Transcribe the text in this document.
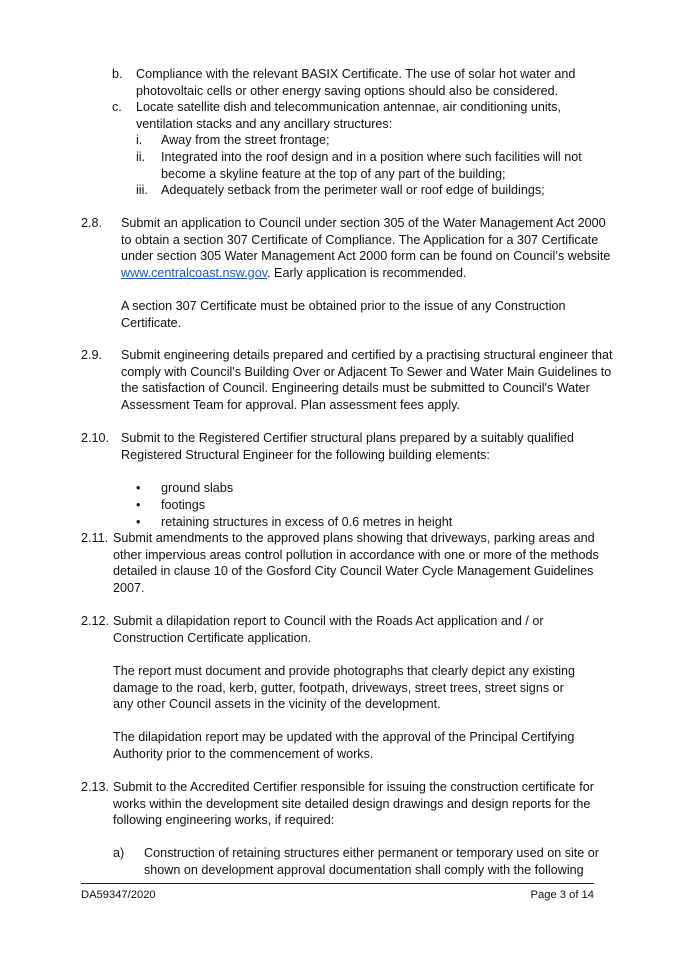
b. Compliance with the relevant BASIX Certificate. The use of solar hot water and photovoltaic cells or other energy saving options should also be considered.
c. Locate satellite dish and telecommunication antennae, air conditioning units, ventilation stacks and any ancillary structures:
i. Away from the street frontage;
ii. Integrated into the roof design and in a position where such facilities will not become a skyline feature at the top of any part of the building;
iii. Adequately setback from the perimeter wall or roof edge of buildings;
2.8. Submit an application to Council under section 305 of the Water Management Act 2000 to obtain a section 307 Certificate of Compliance. The Application for a 307 Certificate under section 305 Water Management Act 2000 form can be found on Council’s website www.centralcoast.nsw.gov. Early application is recommended.
A section 307 Certificate must be obtained prior to the issue of any Construction Certificate.
2.9. Submit engineering details prepared and certified by a practising structural engineer that comply with Council's Building Over or Adjacent To Sewer and Water Main Guidelines to the satisfaction of Council. Engineering details must be submitted to Council's Water Assessment Team for approval. Plan assessment fees apply.
2.10. Submit to the Registered Certifier structural plans prepared by a suitably qualified Registered Structural Engineer for the following building elements:
• ground slabs
• footings
• retaining structures in excess of 0.6 metres in height
2.11. Submit amendments to the approved plans showing that driveways, parking areas and other impervious areas control pollution in accordance with one or more of the methods detailed in clause 10 of the Gosford City Council Water Cycle Management Guidelines 2007.
2.12. Submit a dilapidation report to Council with the Roads Act application and / or Construction Certificate application.
The report must document and provide photographs that clearly depict any existing damage to the road, kerb, gutter, footpath, driveways, street trees, street signs or any other Council assets in the vicinity of the development.
The dilapidation report may be updated with the approval of the Principal Certifying Authority prior to the commencement of works.
2.13. Submit to the Accredited Certifier responsible for issuing the construction certificate for works within the development site detailed design drawings and design reports for the following engineering works, if required:
a) Construction of retaining structures either permanent or temporary used on site or shown on development approval documentation shall comply with the following
DA59347/2020	Page 3 of 14
